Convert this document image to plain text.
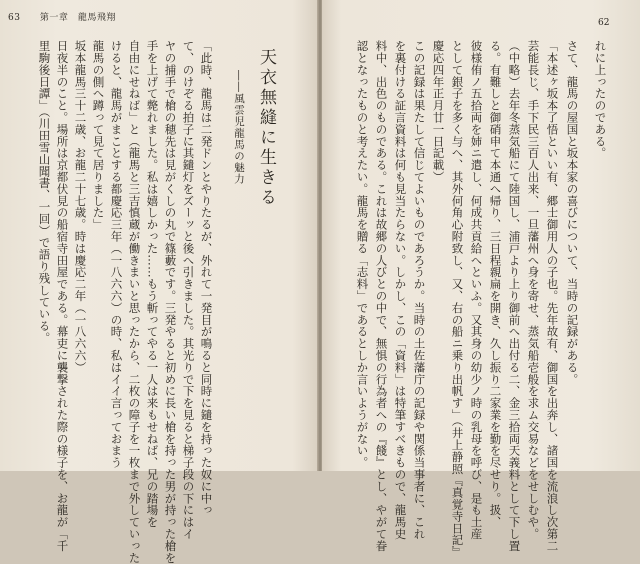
63 第一章　龍馬飛翔	62
天衣無縫に生きる
――風雲児龍馬の魅力
「此時、龍馬は二発ドンとやりたるが、外れて一発目が鳴ると同時に鑓を持った奴に中っ
て、のけぞる拍子に其鑓灯をズーッと後へ引きました。其光りで下を見ると梯子段の下にはイ
ヤの捕手で槍の穂先は見がくしの丸で篠藪です。三発やると初めに長い槍を持った男が持った槍を
手を上げて斃れました。私は嬉しかった……もう斬ってやる一人は来もせねば、兄の踏場を
自由にせねば」と（龍馬と三吉慎蔵が働きまいと思ったから、二枚の障子を一枚まで外していった
けると、龍馬がまことする都慶応三年（一八六六）の時、私はイイ言っておまう
龍馬の側へ蹲って見て居りました」
坂本龍馬三十二歳、お龍二十七歳。時は慶応二年（一八六六）
日夜半のこと。場所は京都伏見の船宿寺田屋である。幕吏に襲撃された際の様子を、お龍が「千
里駒後日譚」（川田雪山聞書、一回）で語り残している。	れに上ったのである。
さて、龍馬の屋国と坂本家の喜びについて、当時の記録がある。
「本述ヶ坂本了悟といい有、郷士御用人の子也。先年故有、御国を出奔し、諸国を流浪し次第二
芸能長じ、手下民三百人出来、一旦藩州へ身を寄せ、蒸気船壱般を求ム交易などをせしむや。
（中略）去年冬蒸気船にて陸国し、浦戸より上り御前へ出付る二、金三拾両天義料として下し置
る。有難しと御硝申て本通へ帰り、三日程親扁を開き、久し振り二家業を勤を尽せり。扱、
彼様侑ノ五拾両を姉ニ遣し、何成共貢給へといふ。又其身の幼少ノ時の乳母を呼び、是も土産
として銀子を多く与へ、其外何角心附致し、又、右の船ニ乗り出帆す」（井上静照『真覚寺日記』
慶応四年正月廿一日記載）
この記録は果たして信じてよいものであろうか。当時の土佐藩庁の記録や関係当事者に、これ
を裏付ける証言資料は何も見当たらない。しかし、この「資料」は特筆すべきもので、龍馬史
料中、出色のものである。これは故郷の人びとの中で、無惧の行為者への『餞』とし、やがて眷
認となったものと考えたい。龍馬を贈る「志料」であるとしか言いようがない。
